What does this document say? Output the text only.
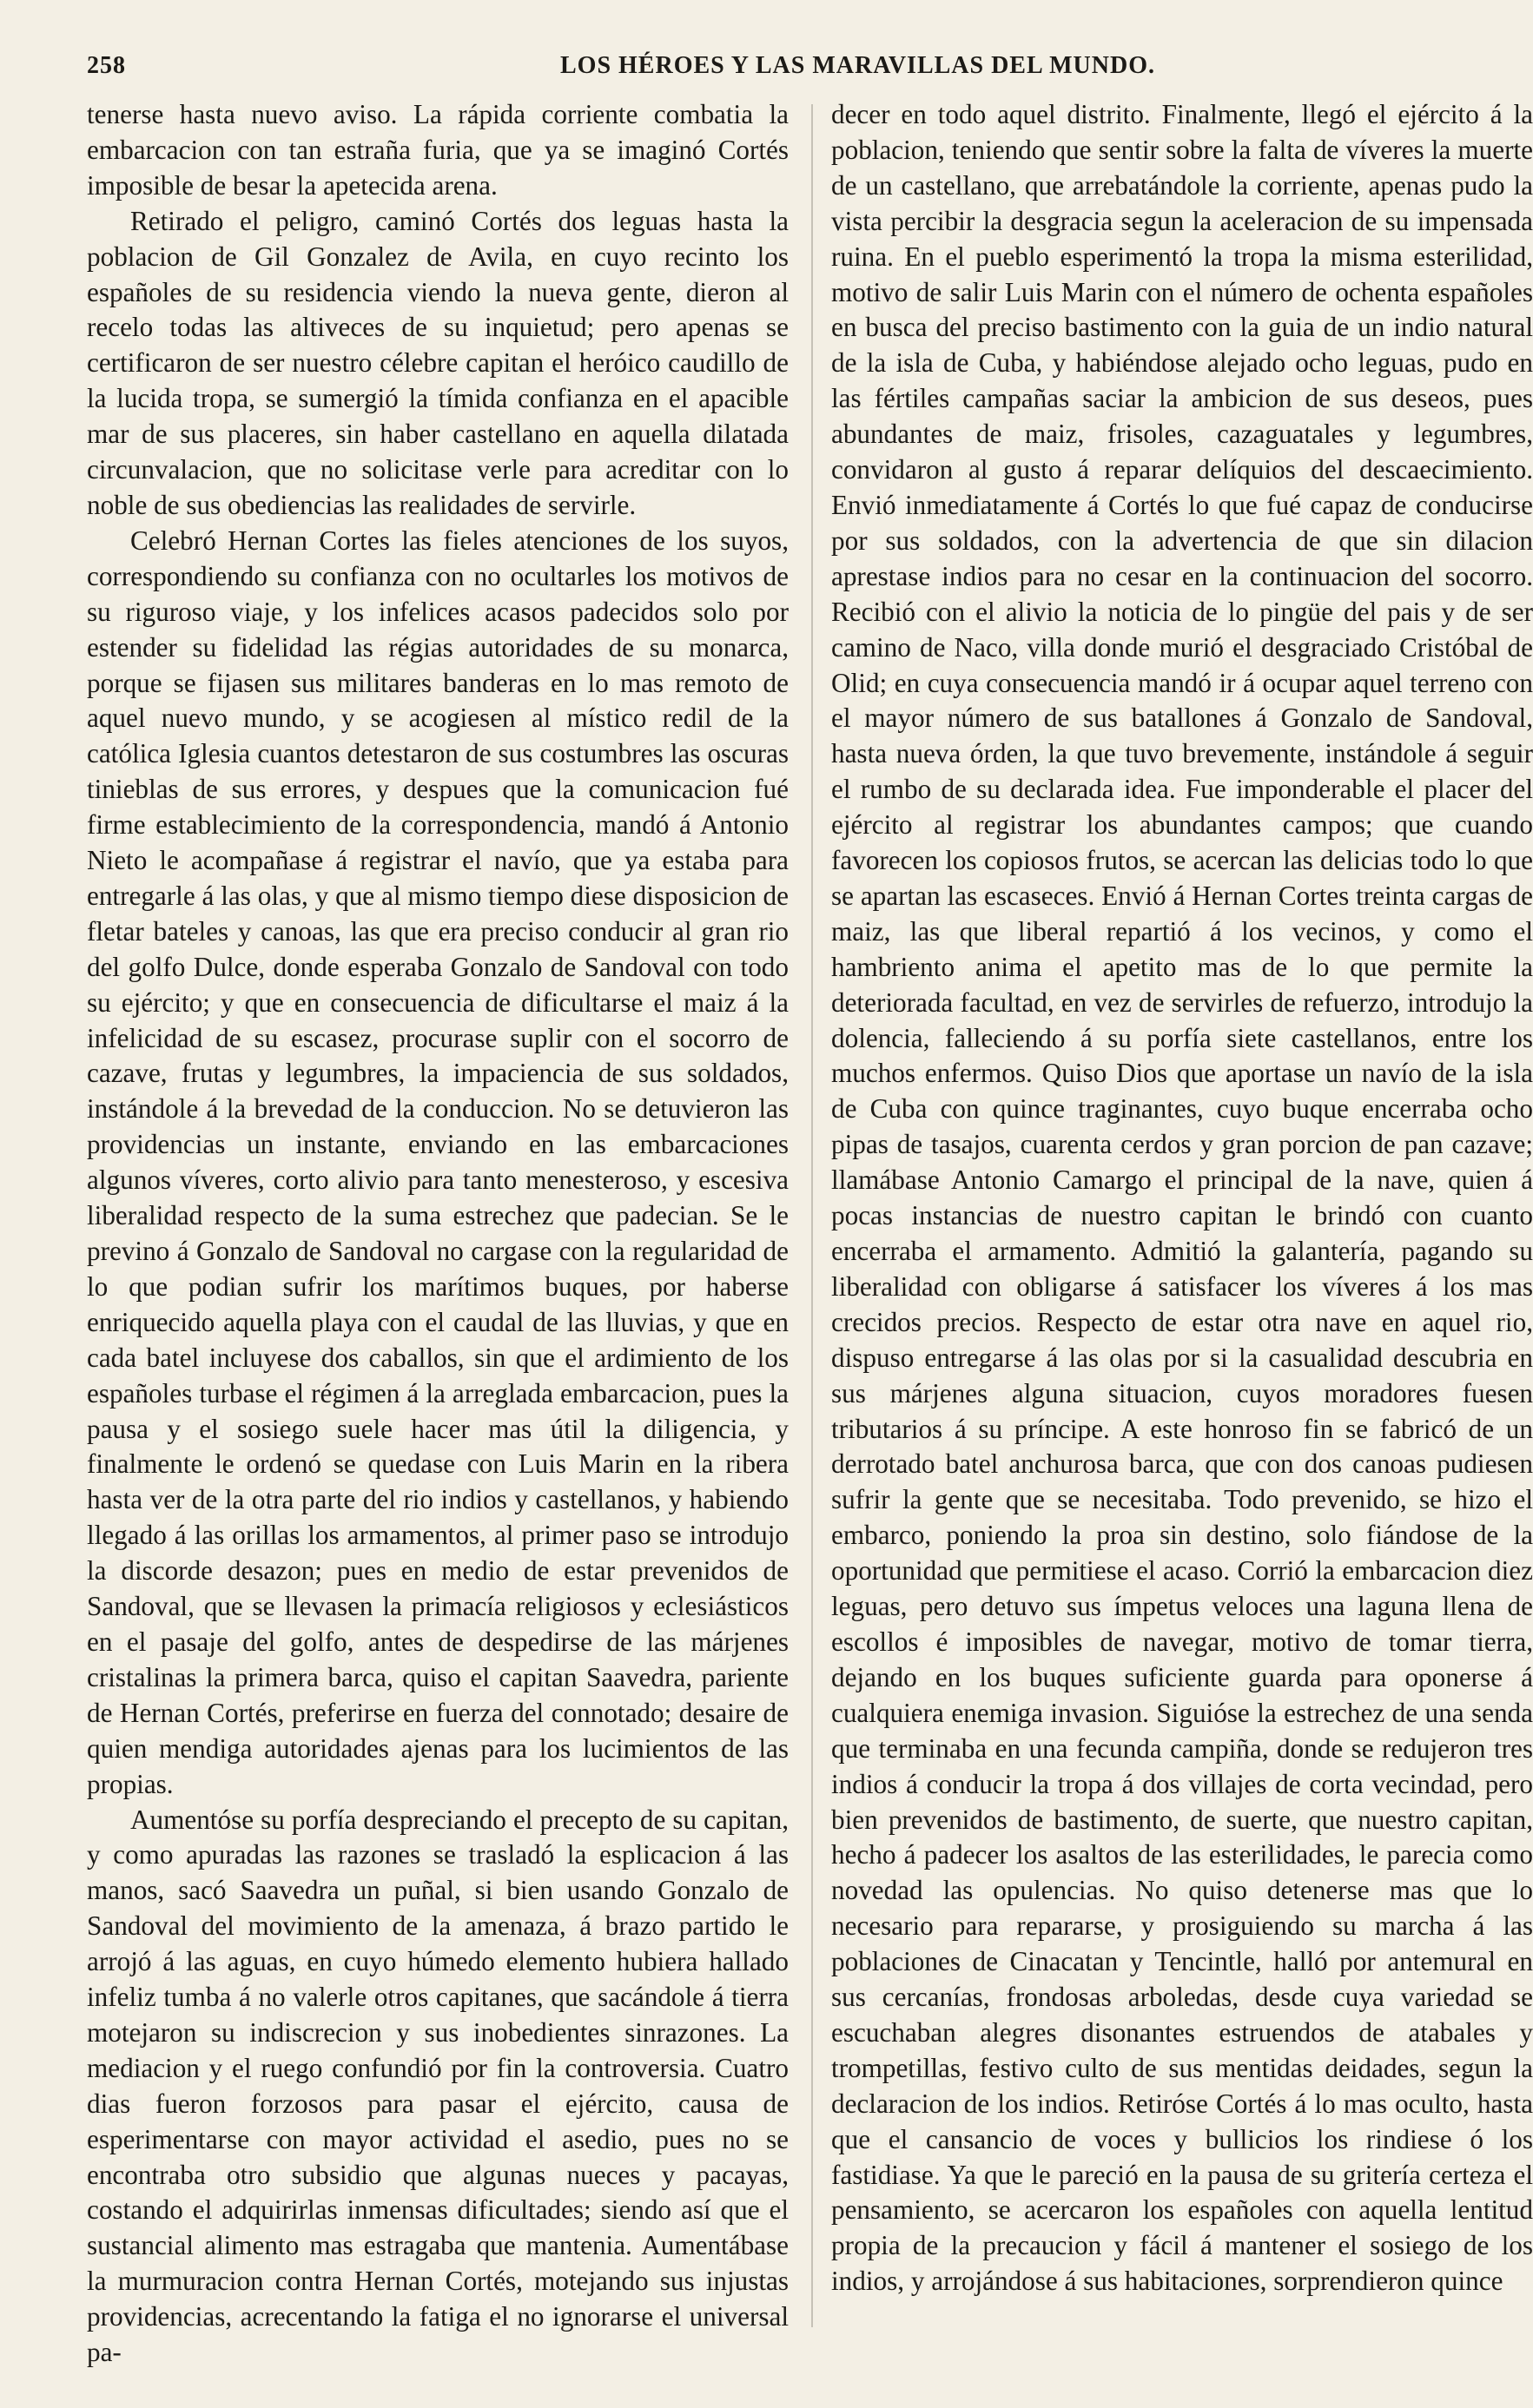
258	LOS HÉROES Y LAS MARAVILLAS DEL MUNDO.

tenerse hasta nuevo aviso. La rápida corriente combatia la embarcacion con tan estraña furia, que ya se imaginó Cortés imposible de besar la apetecida arena.

Retirado el peligro, caminó Cortés dos leguas hasta la poblacion de Gil Gonzalez de Avila, en cuyo recinto los españoles de su residencia viendo la nueva gente, dieron al recelo todas las altiveces de su inquietud; pero apenas se certificaron de ser nuestro célebre capitan el heróico caudillo de la lucida tropa, se sumergió la tímida confianza en el apacible mar de sus placeres, sin haber castellano en aquella dilatada circunvalacion, que no solicitase verle para acreditar con lo noble de sus obediencias las realidades de servirle.

Celebró Hernan Cortes las fieles atenciones de los suyos, correspondiendo su confianza con no ocultarles los motivos de su riguroso viaje, y los infelices acasos padecidos solo por estender su fidelidad las régias autoridades de su monarca, porque se fijasen sus militares banderas en lo mas remoto de aquel nuevo mundo, y se acogiesen al místico redil de la católica Iglesia cuantos detestaron de sus costumbres las oscuras tinieblas de sus errores, y despues que la comunicacion fué firme establecimiento de la correspondencia, mandó á Antonio Nieto le acompañase á registrar el navío, que ya estaba para entregarle á las olas, y que al mismo tiempo diese disposicion de fletar bateles y canoas, las que era preciso conducir al gran rio del golfo Dulce, donde esperaba Gonzalo de Sandoval con todo su ejército; y que en consecuencia de dificultarse el maiz á la infelicidad de su escasez, procurase suplir con el socorro de cazave, frutas y legumbres, la impaciencia de sus soldados, instándole á la brevedad de la conduccion. No se detuvieron las providencias un instante, enviando en las embarcaciones algunos víveres, corto alivio para tanto menesteroso, y escesiva liberalidad respecto de la suma estrechez que padecian. Se le previno á Gonzalo de Sandoval no cargase con la regularidad de lo que podian sufrir los marítimos buques, por haberse enriquecido aquella playa con el caudal de las lluvias, y que en cada batel incluyese dos caballos, sin que el ardimiento de los españoles turbase el régimen á la arreglada embarcacion, pues la pausa y el sosiego suele hacer mas útil la diligencia, y finalmente le ordenó se quedase con Luis Marin en la ribera hasta ver de la otra parte del rio indios y castellanos, y habiendo llegado á las orillas los armamentos, al primer paso se introdujo la discorde desazon; pues en medio de estar prevenidos de Sandoval, que se llevasen la primacía religiosos y eclesiásticos en el pasaje del golfo, antes de despedirse de las márjenes cristalinas la primera barca, quiso el capitan Saavedra, pariente de Hernan Cortés, preferirse en fuerza del connotado; desaire de quien mendiga autoridades ajenas para los lucimientos de las propias.

Aumentóse su porfía despreciando el precepto de su capitan, y como apuradas las razones se trasladó la esplicacion á las manos, sacó Saavedra un puñal, si bien usando Gonzalo de Sandoval del movimiento de la amenaza, á brazo partido le arrojó á las aguas, en cuyo húmedo elemento hubiera hallado infeliz tumba á no valerle otros capitanes, que sacándole á tierra motejaron su indiscrecion y sus inobedientes sinrazones. La mediacion y el ruego confundió por fin la controversia. Cuatro dias fueron forzosos para pasar el ejército, causa de esperimentarse con mayor actividad el asedio, pues no se encontraba otro subsidio que algunas nueces y pacayas, costando el adquirirlas inmensas dificultades; siendo así que el sustancial alimento mas estragaba que mantenia. Aumentábase la murmuracion contra Hernan Cortés, motejando sus injustas providencias, acrecentando la fatiga el no ignorarse el universal pa-

decer en todo aquel distrito. Finalmente, llegó el ejército á la poblacion, teniendo que sentir sobre la falta de víveres la muerte de un castellano, que arrebatándole la corriente, apenas pudo la vista percibir la desgracia segun la aceleracion de su impensada ruina. En el pueblo esperimentó la tropa la misma esterilidad, motivo de salir Luis Marin con el número de ochenta españoles en busca del preciso bastimento con la guia de un indio natural de la isla de Cuba, y habiéndose alejado ocho leguas, pudo en las fértiles campañas saciar la ambicion de sus deseos, pues abundantes de maiz, frisoles, cazaguatales y legumbres, convidaron al gusto á reparar delíquios del descaecimiento. Envió inmediatamente á Cortés lo que fué capaz de conducirse por sus soldados, con la advertencia de que sin dilacion aprestase indios para no cesar en la continuacion del socorro. Recibió con el alivio la noticia de lo pingüe del pais y de ser camino de Naco, villa donde murió el desgraciado Cristóbal de Olid; en cuya consecuencia mandó ir á ocupar aquel terreno con el mayor número de sus batallones á Gonzalo de Sandoval, hasta nueva órden, la que tuvo brevemente, instándole á seguir el rumbo de su declarada idea. Fue imponderable el placer del ejército al registrar los abundantes campos; que cuando favorecen los copiosos frutos, se acercan las delicias todo lo que se apartan las escaseces. Envió á Hernan Cortes treinta cargas de maiz, las que liberal repartió á los vecinos, y como el hambriento anima el apetito mas de lo que permite la deteriorada facultad, en vez de servirles de refuerzo, introdujo la dolencia, falleciendo á su porfía siete castellanos, entre los muchos enfermos. Quiso Dios que aportase un navío de la isla de Cuba con quince traginantes, cuyo buque encerraba ocho pipas de tasajos, cuarenta cerdos y gran porcion de pan cazave; llamábase Antonio Camargo el principal de la nave, quien á pocas instancias de nuestro capitan le brindó con cuanto encerraba el armamento. Admitió la galantería, pagando su liberalidad con obligarse á satisfacer los víveres á los mas crecidos precios. Respecto de estar otra nave en aquel rio, dispuso entregarse á las olas por si la casualidad descubria en sus márjenes alguna situacion, cuyos moradores fuesen tributarios á su príncipe. A este honroso fin se fabricó de un derrotado batel anchurosa barca, que con dos canoas pudiesen sufrir la gente que se necesitaba. Todo prevenido, se hizo el embarco, poniendo la proa sin destino, solo fiándose de la oportunidad que permitiese el acaso. Corrió la embarcacion diez leguas, pero detuvo sus ímpetus veloces una laguna llena de escollos é imposibles de navegar, motivo de tomar tierra, dejando en los buques suficiente guarda para oponerse á cualquiera enemiga invasion. Siguióse la estrechez de una senda que terminaba en una fecunda campiña, donde se redujeron tres indios á conducir la tropa á dos villajes de corta vecindad, pero bien prevenidos de bastimento, de suerte, que nuestro capitan, hecho á padecer los asaltos de las esterilidades, le parecia como novedad las opulencias. No quiso detenerse mas que lo necesario para repararse, y prosiguiendo su marcha á las poblaciones de Cinacatan y Tencintle, halló por antemural en sus cercanías, frondosas arboledas, desde cuya variedad se escuchaban alegres disonantes estruendos de atabales y trompetillas, festivo culto de sus mentidas deidades, segun la declaracion de los indios. Retiróse Cortés á lo mas oculto, hasta que el cansancio de voces y bullicios los rindiese ó los fastidiase. Ya que le pareció en la pausa de su gritería certeza el pensamiento, se acercaron los españoles con aquella lentitud propia de la precaucion y fácil á mantener el sosiego de los indios, y arrojándose á sus habitaciones, sorprendieron quince
